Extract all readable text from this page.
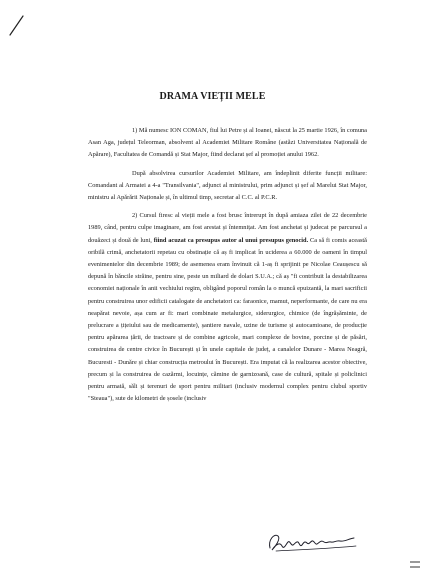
DRAMA VIEȚII MELE

1) Mă numesc ION COMAN, fiul lui Petre și al Ioanei, născut la 25 martie 1926, în comuna Asan Aga, județul Teleorman, absolvent al Academiei Militare Române (astăzi Universitatea Națională de Apărare), Facultatea de Comandă și Stat Major, fiind declarat șef al promoției anului 1962.

După absolvirea cursurilor Academiei Militare, am îndeplinit diferite funcții militare: Comandant al Armatei a 4-a "Transilvania", adjunct al ministrului, prim adjunct și șef al Marelui Stat Major, ministru al Apărării Naționale și, în ultimul timp, secretar al C.C. al P.C.R.

2) Cursul firesc al vieții mele a fost brusc întrerupt în după amiaza zilei de 22 decembrie 1989, când, pentru culpe imaginare, am fost arestat și întemnițat. Am fost anchetat și judecat pe parcursul a douăzeci și două de luni, fiind acuzat ca presupus autor al unui presupus genocid. Ca să fi comis această oribilă crimă, anchetatorii repetau cu obstinație că aș fi implicat în uciderea a 60.000 de oameni în timpul evenimentelor din decembrie 1989; de asemenea eram învinuit că 1-aș fi sprijinit pe Nicolae Ceaușescu să depună în băncile străine, pentru sine, peste un miliard de dolari S.U.A.; că aș "fi contribuit la destabilizarea economiei naționale în anii vechiului regim, obligând poporul român la o muncă epuizantă, la mari sacrificii pentru construirea unor edificii catalogate de anchetatori ca: faraonice, mamut, neperformante, de care nu era neapărat nevoie, așa cum ar fi: mari combinate metalurgice, siderurgice, chimice (de îngrășăminte, de prelucrare a țițeiului sau de medicamente), șantiere navale, uzine de turisme și autocamioane, de producție pentru apărarea țării, de tractoare și de combine agricole, mari complexe de bovine, porcine și de păsări, construirea de centre civice în București și în unele capitale de județ, a canalelor Dunare - Marea Neagră, Bucuresti - Dunăre și chiar construcția metroului în București. Era imputat că la realizarea acestor obiective, precum și la construirea de cazărmi, locuințe, cămine de garnizoană, case de cultură, spitale și policlinici pentru armată, săli și terenuri de sport pentru militari (inclusiv modernul complex pentru clubul sportiv "Steaua"), sute de kilometri de șosele (inclusiv
